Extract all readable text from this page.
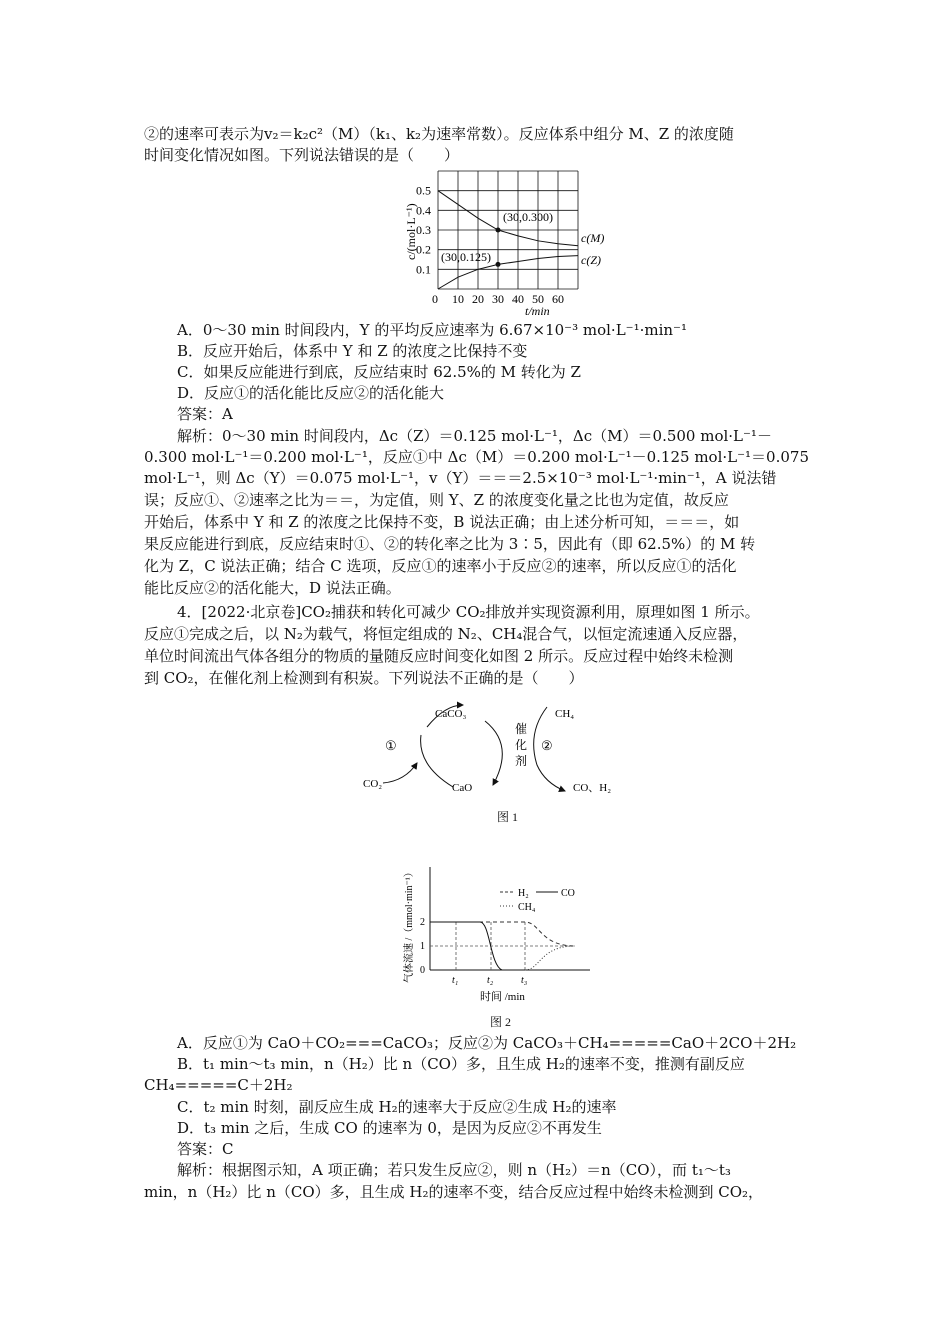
②的速率可表示为v₂＝k₂c²（M）（k₁、k₂为速率常数）。反应体系中组分 M、Z 的浓度随
时间变化情况如图。下列说法错误的是（　　）
0 10 20 30 40 50 60
0.1
0.2
0.3
0.4
0.5
(30,0.300)
(30,0.125)
c(M)
c(Z)
c/(mol·L⁻¹)
t/min
A．0～30 min 时间段内，Y 的平均反应速率为 6.67×10⁻³ mol·L⁻¹·min⁻¹
B．反应开始后，体系中 Y 和 Z 的浓度之比保持不变
C．如果反应能进行到底，反应结束时 62.5%的 M 转化为 Z
D．反应①的活化能比反应②的活化能大
答案：A
解析：0～30 min 时间段内，Δc（Z）＝0.125 mol·L⁻¹，Δc（M）＝0.500 mol·L⁻¹－
0.300 mol·L⁻¹＝0.200 mol·L⁻¹，反应①中 Δc（M）＝0.200 mol·L⁻¹－0.125 mol·L⁻¹＝0.075
mol·L⁻¹，则 Δc（Y）＝0.075 mol·L⁻¹，v（Y）＝＝＝2.5×10⁻³ mol·L⁻¹·min⁻¹，A 说法错
误；反应①、②速率之比为＝＝，为定值，则 Y、Z 的浓度变化量之比也为定值，故反应
开始后，体系中 Y 和 Z 的浓度之比保持不变，B 说法正确；由上述分析可知，＝＝＝，如
果反应能进行到底，反应结束时①、②的转化率之比为 3∶5，因此有（即 62.5%）的 M 转
化为 Z，C 说法正确；结合 C 选项，反应①的速率小于反应②的速率，所以反应①的活化
能比反应②的活化能大，D 说法正确。
4．[2022·北京卷]CO₂捕获和转化可减少 CO₂排放并实现资源利用，原理如图 1 所示。
反应①完成之后，以 N₂为载气，将恒定组成的 N₂、CH₄混合气，以恒定流速通入反应器，
单位时间流出气体各组分的物质的量随反应时间变化如图 2 所示。反应过程中始终未检测
到 CO₂，在催化剂上检测到有积炭。下列说法不正确的是（　　）
CaCO₃
CaO
CO₂
CH₄
CO、H₂
①	②
催
化
剂
图 1
H₂	CO
CH₄
0
1
2
t₁	t₂	t₃
时间 /min
气体流速 /（mmol·min⁻¹）
图 2
A．反应①为 CaO＋CO₂===CaCO₃；反应②为 CaCO₃＋CH₄=====CaO＋2CO＋2H₂
B．t₁ min～t₃ min，n（H₂）比 n（CO）多，且生成 H₂的速率不变，推测有副反应
CH₄=====C＋2H₂
C．t₂ min 时刻，副反应生成 H₂的速率大于反应②生成 H₂的速率
D．t₃ min 之后，生成 CO 的速率为 0，是因为反应②不再发生
答案：C
解析：根据图示知，A 项正确；若只发生反应②，则 n（H₂）＝n（CO），而 t₁～t₃
min，n（H₂）比 n（CO）多，且生成 H₂的速率不变，结合反应过程中始终未检测到 CO₂，
